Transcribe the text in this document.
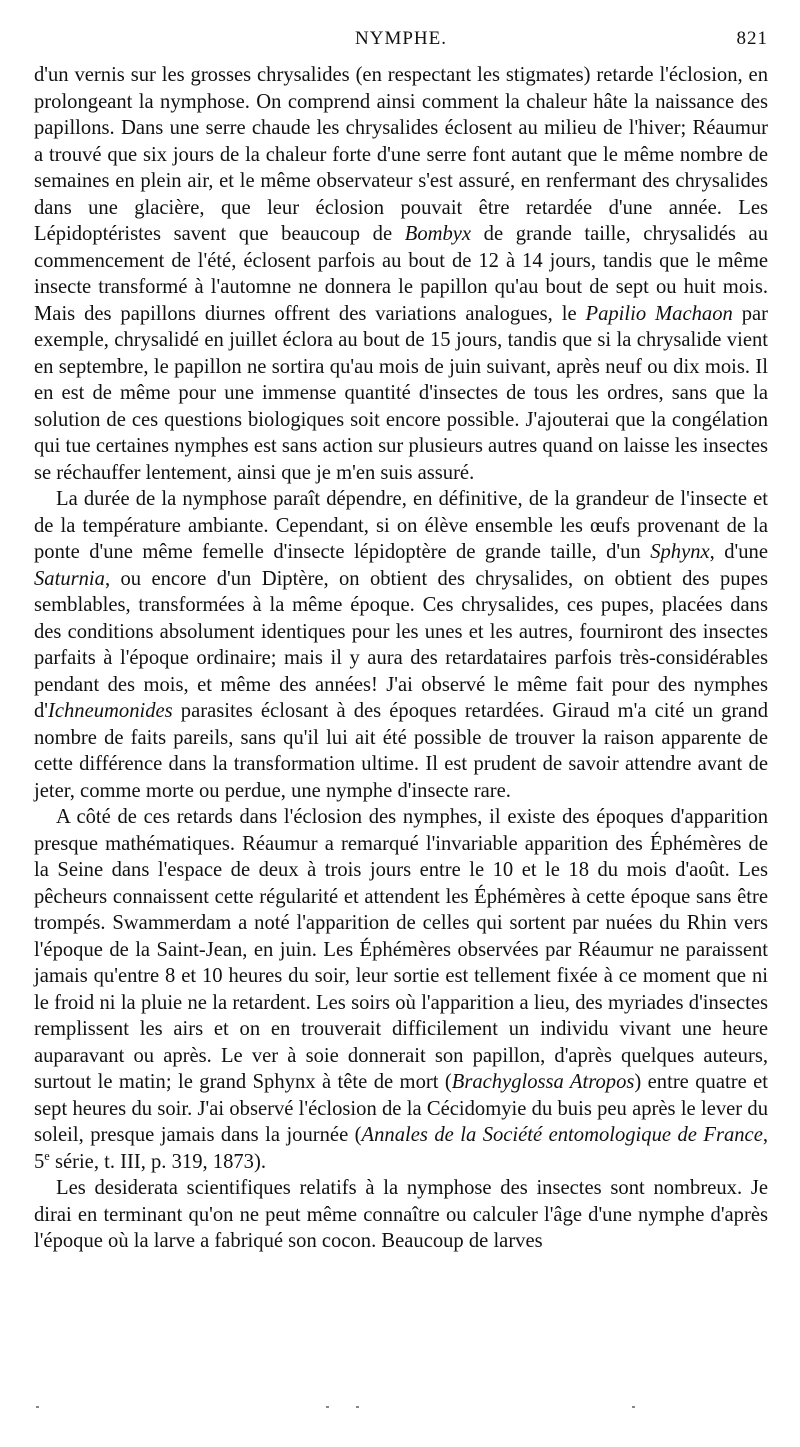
NYMPHE.	821

d'un vernis sur les grosses chrysalides (en respectant les stigmates) retarde l'éclosion, en prolongeant la nymphose. On comprend ainsi comment la chaleur hâte la naissance des papillons. Dans une serre chaude les chrysalides éclosent au milieu de l'hiver; Réaumur a trouvé que six jours de la chaleur forte d'une serre font autant que le même nombre de semaines en plein air, et le même observateur s'est assuré, en renfermant des chrysalides dans une glacière, que leur éclosion pouvait être retardée d'une année. Les Lépidoptéristes savent que beaucoup de Bombyx de grande taille, chrysalidés au commencement de l'été, éclosent parfois au bout de 12 à 14 jours, tandis que le même insecte transformé à l'automne ne donnera le papillon qu'au bout de sept ou huit mois. Mais des papillons diurnes offrent des variations analogues, le Papilio Machaon par exemple, chrysalidé en juillet éclora au bout de 15 jours, tandis que si la chrysalide vient en septembre, le papillon ne sortira qu'au mois de juin suivant, après neuf ou dix mois. Il en est de même pour une immense quantité d'insectes de tous les ordres, sans que la solution de ces questions biologiques soit encore possible. J'ajouterai que la congélation qui tue certaines nymphes est sans action sur plusieurs autres quand on laisse les insectes se réchauffer lentement, ainsi que je m'en suis assuré.

La durée de la nymphose paraît dépendre, en définitive, de la grandeur de l'insecte et de la température ambiante. Cependant, si on élève ensemble les œufs provenant de la ponte d'une même femelle d'insecte lépidoptère de grande taille, d'un Sphynx, d'une Saturnia, ou encore d'un Diptère, on obtient des chrysalides, on obtient des pupes semblables, transformées à la même époque. Ces chrysalides, ces pupes, placées dans des conditions absolument identiques pour les unes et les autres, fourniront des insectes parfaits à l'époque ordinaire; mais il y aura des retardataires parfois très-considérables pendant des mois, et même des années! J'ai observé le même fait pour des nymphes d'Ichneumonides parasites éclosant à des époques retardées. Giraud m'a cité un grand nombre de faits pareils, sans qu'il lui ait été possible de trouver la raison apparente de cette différence dans la transformation ultime. Il est prudent de savoir attendre avant de jeter, comme morte ou perdue, une nymphe d'insecte rare.

A côté de ces retards dans l'éclosion des nymphes, il existe des époques d'apparition presque mathématiques. Réaumur a remarqué l'invariable apparition des Éphémères de la Seine dans l'espace de deux à trois jours entre le 10 et le 18 du mois d'août. Les pêcheurs connaissent cette régularité et attendent les Éphémères à cette époque sans être trompés. Swammerdam a noté l'apparition de celles qui sortent par nuées du Rhin vers l'époque de la Saint-Jean, en juin. Les Éphémères observées par Réaumur ne paraissent jamais qu'entre 8 et 10 heures du soir, leur sortie est tellement fixée à ce moment que ni le froid ni la pluie ne la retardent. Les soirs où l'apparition a lieu, des myriades d'insectes remplissent les airs et on en trouverait difficilement un individu vivant une heure auparavant ou après. Le ver à soie donnerait son papillon, d'après quelques auteurs, surtout le matin; le grand Sphynx à tête de mort (Brachyglossa Atropos) entre quatre et sept heures du soir. J'ai observé l'éclosion de la Cécidomyie du buis peu après le lever du soleil, presque jamais dans la journée (Annales de la Société entomologique de France, 5e série, t. III, p. 319, 1873).

Les desiderata scientifiques relatifs à la nymphose des insectes sont nombreux. Je dirai en terminant qu'on ne peut même connaître ou calculer l'âge d'une nymphe d'après l'époque où la larve a fabriqué son cocon. Beaucoup de larves
